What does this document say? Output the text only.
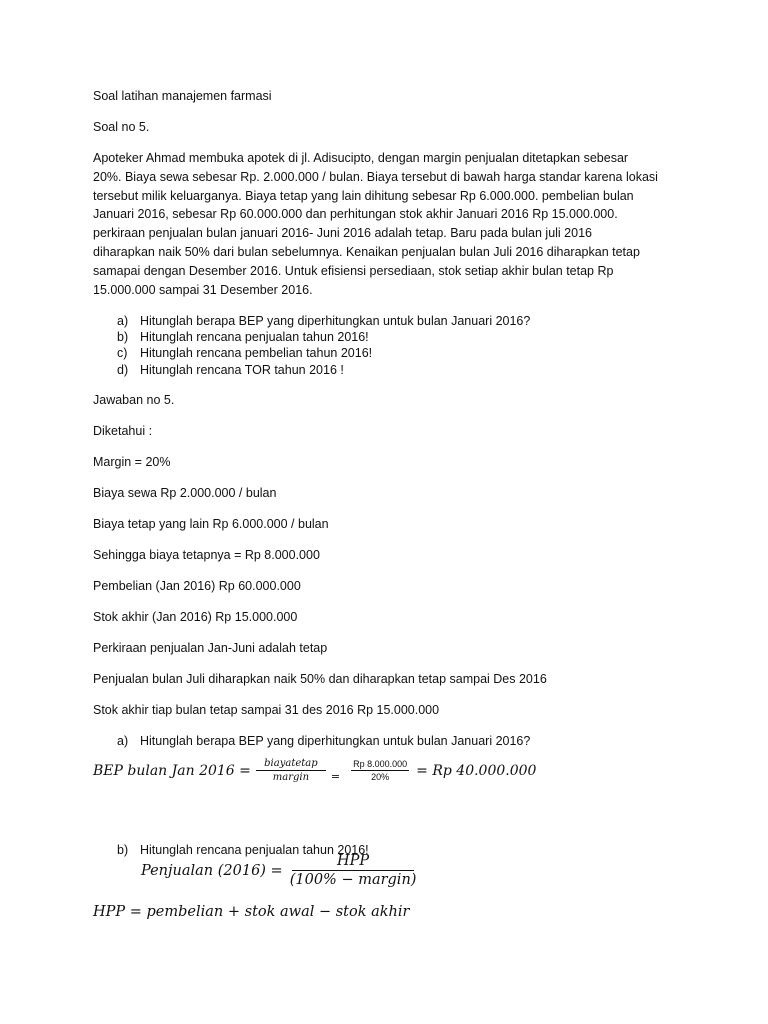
Soal latihan manajemen farmasi
Soal no 5.
Apoteker Ahmad membuka apotek di jl. Adisucipto, dengan margin penjualan ditetapkan sebesar
20%. Biaya sewa sebesar Rp. 2.000.000 / bulan. Biaya tersebut di bawah harga standar karena lokasi
tersebut milik keluarganya. Biaya tetap yang lain dihitung sebesar Rp 6.000.000. pembelian bulan
Januari 2016, sebesar Rp 60.000.000 dan perhitungan stok akhir Januari 2016 Rp 15.000.000.
perkiraan penjualan bulan januari 2016- Juni 2016 adalah tetap. Baru pada bulan juli 2016
diharapkan naik 50% dari bulan sebelumnya. Kenaikan penjualan bulan Juli 2016 diharapkan tetap
samapai dengan Desember 2016. Untuk efisiensi persediaan, stok setiap akhir bulan tetap Rp
15.000.000 sampai 31 Desember 2016.
a) Hitunglah berapa BEP yang diperhitungkan untuk bulan Januari 2016?
b) Hitunglah rencana penjualan tahun 2016!
c) Hitunglah rencana pembelian tahun 2016!
d) Hitunglah rencana TOR tahun 2016 !
Jawaban no 5.
Diketahui :
Margin = 20%
Biaya sewa Rp 2.000.000 / bulan
Biaya tetap yang lain Rp 6.000.000 / bulan
Sehingga biaya tetapnya = Rp 8.000.000
Pembelian (Jan 2016) Rp 60.000.000
Stok akhir (Jan 2016) Rp 15.000.000
Perkiraan penjualan Jan-Juni adalah tetap
Penjualan bulan Juli diharapkan naik 50% dan diharapkan tetap sampai Des 2016
Stok akhir tiap bulan tetap sampai 31 des 2016 Rp 15.000.000
a) Hitunglah berapa BEP yang diperhitungkan untuk bulan Januari 2016?
BEP bulan Jan $2016 = \frac{\text{biayatetap}}{\text{margin}} = \frac{Rp 8.000.000}{20\%} = Rp$ 40.000.000
b) Hitunglah rencana penjualan tahun 2016!
Penjualan $(2016) = \frac{\text{HPP}}{\text{(100\% − margin)}}$
HPP = pembelian + stok awal − stok akhir
